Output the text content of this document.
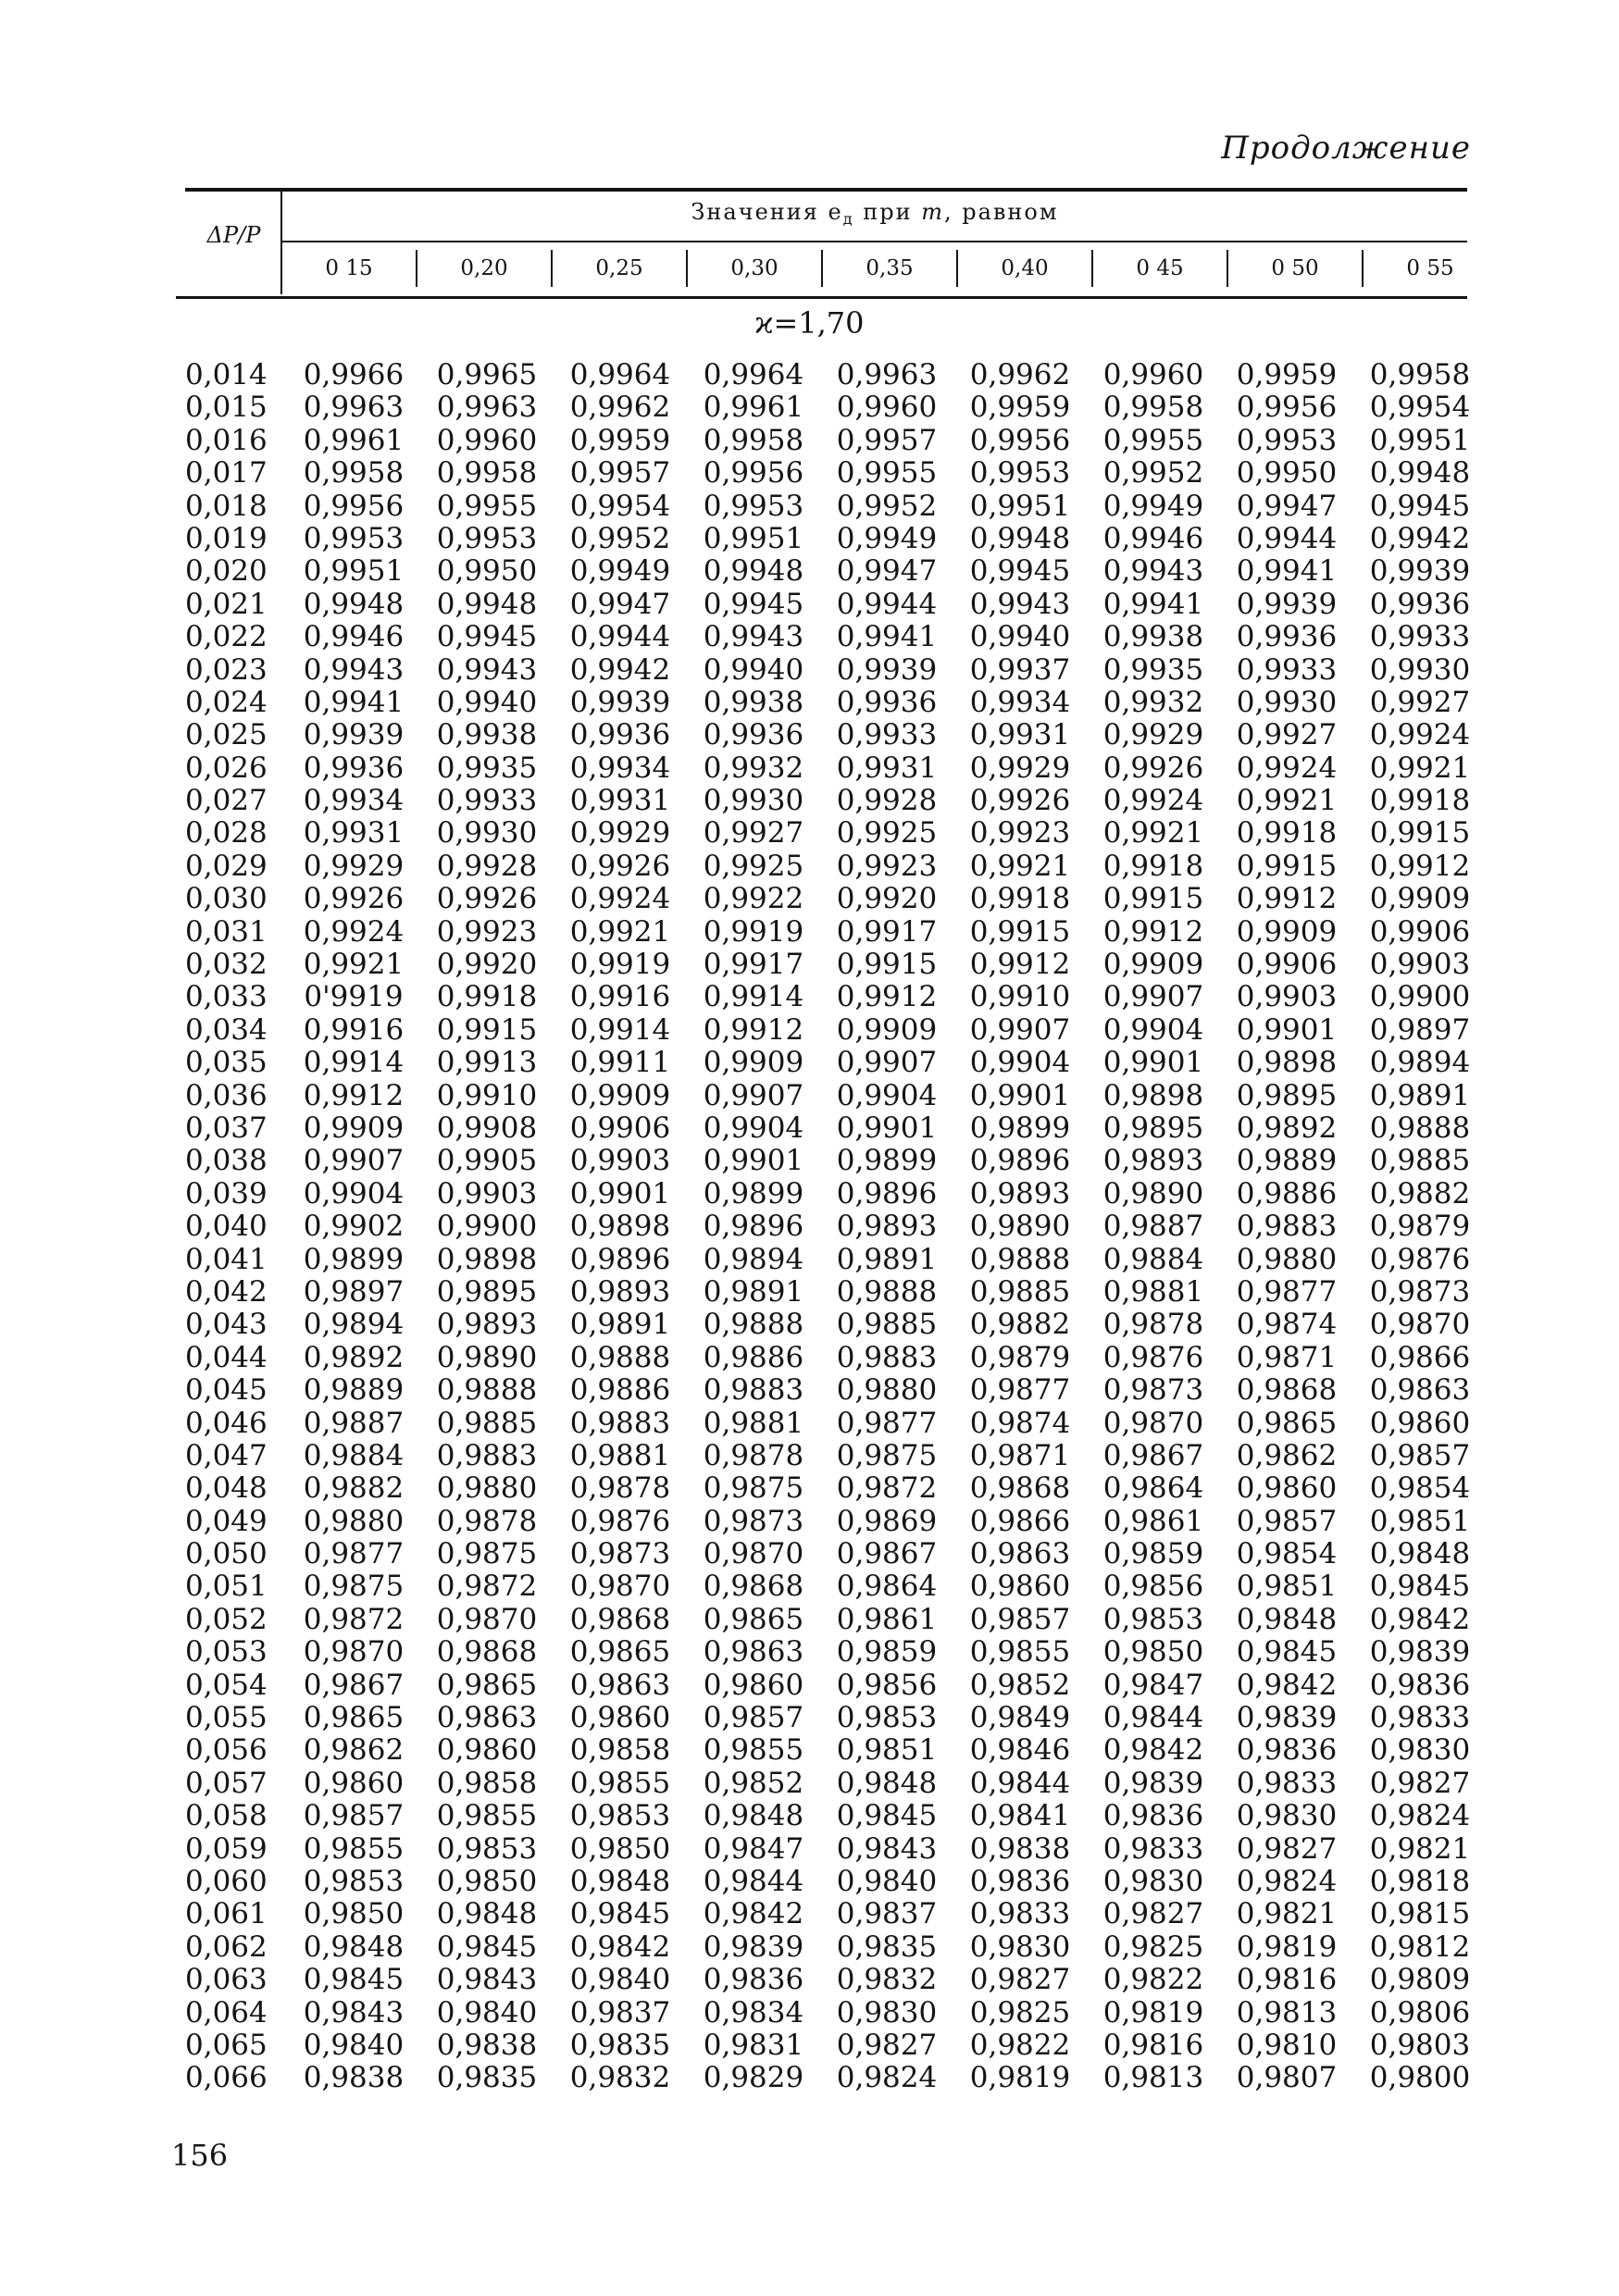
Продолжение
ΔP/P
Значения $e_д$ при m, равном
0 15	0,20	0,25	0,30	0,35	0,40	0 45	0 50	0 55
ϰ=1,70
0,014	0,9966	0,9965	0,9964	0,9964	0,9963	0,9962	0,9960	0,9959	0,9958
0,015	0,9963	0,9963	0,9962	0,9961	0,9960	0,9959	0,9958	0,9956	0,9954
0,016	0,9961	0,9960	0,9959	0,9958	0,9957	0,9956	0,9955	0,9953	0,9951
0,017	0,9958	0,9958	0,9957	0,9956	0,9955	0,9953	0,9952	0,9950	0,9948
0,018	0,9956	0,9955	0,9954	0,9953	0,9952	0,9951	0,9949	0,9947	0,9945
0,019	0,9953	0,9953	0,9952	0,9951	0,9949	0,9948	0,9946	0,9944	0,9942
0,020	0,9951	0,9950	0,9949	0,9948	0,9947	0,9945	0,9943	0,9941	0,9939
0,021	0,9948	0,9948	0,9947	0,9945	0,9944	0,9943	0,9941	0,9939	0,9936
0,022	0,9946	0,9945	0,9944	0,9943	0,9941	0,9940	0,9938	0,9936	0,9933
0,023	0,9943	0,9943	0,9942	0,9940	0,9939	0,9937	0,9935	0,9933	0,9930
0,024	0,9941	0,9940	0,9939	0,9938	0,9936	0,9934	0,9932	0,9930	0,9927
0,025	0,9939	0,9938	0,9936	0,9936	0,9933	0,9931	0,9929	0,9927	0,9924
0,026	0,9936	0,9935	0,9934	0,9932	0,9931	0,9929	0,9926	0,9924	0,9921
0,027	0,9934	0,9933	0,9931	0,9930	0,9928	0,9926	0,9924	0,9921	0,9918
0,028	0,9931	0,9930	0,9929	0,9927	0,9925	0,9923	0,9921	0,9918	0,9915
0,029	0,9929	0,9928	0,9926	0,9925	0,9923	0,9921	0,9918	0,9915	0,9912
0,030	0,9926	0,9926	0,9924	0,9922	0,9920	0,9918	0,9915	0,9912	0,9909
0,031	0,9924	0,9923	0,9921	0,9919	0,9917	0,9915	0,9912	0,9909	0,9906
0,032	0,9921	0,9920	0,9919	0,9917	0,9915	0,9912	0,9909	0,9906	0,9903
0,033	0'9919	0,9918	0,9916	0,9914	0,9912	0,9910	0,9907	0,9903	0,9900
0,034	0,9916	0,9915	0,9914	0,9912	0,9909	0,9907	0,9904	0,9901	0,9897
0,035	0,9914	0,9913	0,9911	0,9909	0,9907	0,9904	0,9901	0,9898	0,9894
0,036	0,9912	0,9910	0,9909	0,9907	0,9904	0,9901	0,9898	0,9895	0,9891
0,037	0,9909	0,9908	0,9906	0,9904	0,9901	0,9899	0,9895	0,9892	0,9888
0,038	0,9907	0,9905	0,9903	0,9901	0,9899	0,9896	0,9893	0,9889	0,9885
0,039	0,9904	0,9903	0,9901	0,9899	0,9896	0,9893	0,9890	0,9886	0,9882
0,040	0,9902	0,9900	0,9898	0,9896	0,9893	0,9890	0,9887	0,9883	0,9879
0,041	0,9899	0,9898	0,9896	0,9894	0,9891	0,9888	0,9884	0,9880	0,9876
0,042	0,9897	0,9895	0,9893	0,9891	0,9888	0,9885	0,9881	0,9877	0,9873
0,043	0,9894	0,9893	0,9891	0,9888	0,9885	0,9882	0,9878	0,9874	0,9870
0,044	0,9892	0,9890	0,9888	0,9886	0,9883	0,9879	0,9876	0,9871	0,9866
0,045	0,9889	0,9888	0,9886	0,9883	0,9880	0,9877	0,9873	0,9868	0,9863
0,046	0,9887	0,9885	0,9883	0,9881	0,9877	0,9874	0,9870	0,9865	0,9860
0,047	0,9884	0,9883	0,9881	0,9878	0,9875	0,9871	0,9867	0,9862	0,9857
0,048	0,9882	0,9880	0,9878	0,9875	0,9872	0,9868	0,9864	0,9860	0,9854
0,049	0,9880	0,9878	0,9876	0,9873	0,9869	0,9866	0,9861	0,9857	0,9851
0,050	0,9877	0,9875	0,9873	0,9870	0,9867	0,9863	0,9859	0,9854	0,9848
0,051	0,9875	0,9872	0,9870	0,9868	0,9864	0,9860	0,9856	0,9851	0,9845
0,052	0,9872	0,9870	0,9868	0,9865	0,9861	0,9857	0,9853	0,9848	0,9842
0,053	0,9870	0,9868	0,9865	0,9863	0,9859	0,9855	0,9850	0,9845	0,9839
0,054	0,9867	0,9865	0,9863	0,9860	0,9856	0,9852	0,9847	0,9842	0,9836
0,055	0,9865	0,9863	0,9860	0,9857	0,9853	0,9849	0,9844	0,9839	0,9833
0,056	0,9862	0,9860	0,9858	0,9855	0,9851	0,9846	0,9842	0,9836	0,9830
0,057	0,9860	0,9858	0,9855	0,9852	0,9848	0,9844	0,9839	0,9833	0,9827
0,058	0,9857	0,9855	0,9853	0,9848	0,9845	0,9841	0,9836	0,9830	0,9824
0,059	0,9855	0,9853	0,9850	0,9847	0,9843	0,9838	0,9833	0,9827	0,9821
0,060	0,9853	0,9850	0,9848	0,9844	0,9840	0,9836	0,9830	0,9824	0,9818
0,061	0,9850	0,9848	0,9845	0,9842	0,9837	0,9833	0,9827	0,9821	0,9815
0,062	0,9848	0,9845	0,9842	0,9839	0,9835	0,9830	0,9825	0,9819	0,9812
0,063	0,9845	0,9843	0,9840	0,9836	0,9832	0,9827	0,9822	0,9816	0,9809
0,064	0,9843	0,9840	0,9837	0,9834	0,9830	0,9825	0,9819	0,9813	0,9806
0,065	0,9840	0,9838	0,9835	0,9831	0,9827	0,9822	0,9816	0,9810	0,9803
0,066	0,9838	0,9835	0,9832	0,9829	0,9824	0,9819	0,9813	0,9807	0,9800
156
